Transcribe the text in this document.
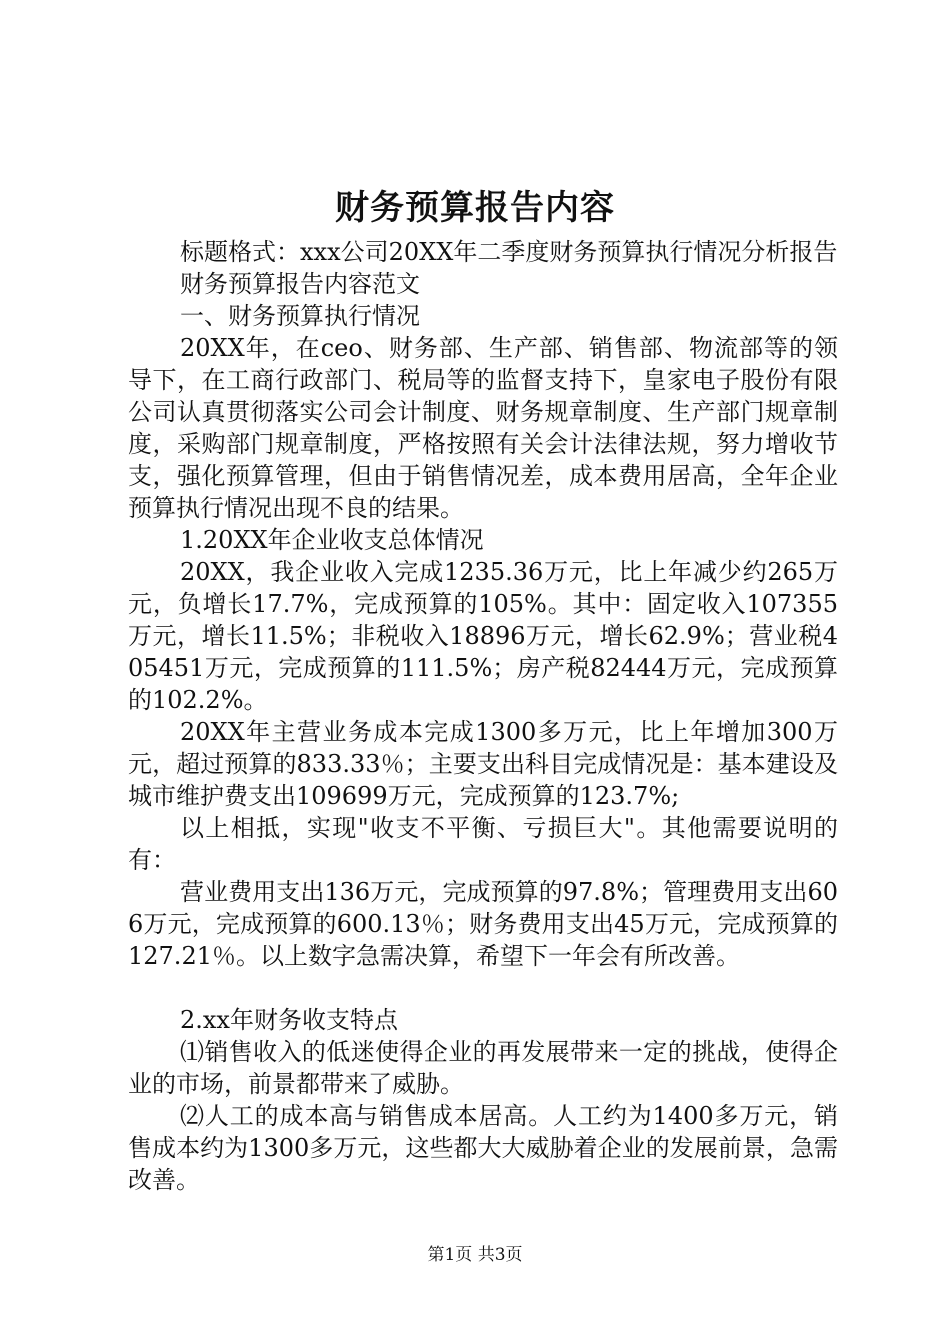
财务预算报告内容

标题格式：xxx公司20XX年二季度财务预算执行情况分析报告

财务预算报告内容范文

一、财务预算执行情况

20XX年，在ceo、财务部、生产部、销售部、物流部等的领导下，在工商行政部门、税局等的监督支持下，皇家电子股份有限公司认真贯彻落实公司会计制度、财务规章制度、生产部门规章制度，采购部门规章制度，严格按照有关会计法律法规，努力增收节支，强化预算管理，但由于销售情况差，成本费用居高，全年企业预算执行情况出现不良的结果。

1.20XX年企业收支总体情况

20XX，我企业收入完成1235.36万元，比上年减少约265万元，负增长17.7%，完成预算的105%。其中：固定收入107355万元，增长11.5%；非税收入18896万元，增长62.9%；营业税405451万元，完成预算的111.5%；房产税82444万元，完成预算的102.2%。

20XX年主营业务成本完成1300多万元，比上年增加300万元，超过预算的833.33％；主要支出科目完成情况是：基本建设及城市维护费支出109699万元，完成预算的123.7%;

以上相抵，实现"收支不平衡、亏损巨大"。其他需要说明的有：

营业费用支出136万元，完成预算的97.8%；管理费用支出606万元，完成预算的600.13％；财务费用支出45万元，完成预算的127.21％。以上数字急需决算，希望下一年会有所改善。

2.xx年财务收支特点

⑴销售收入的低迷使得企业的再发展带来一定的挑战，使得企业的市场，前景都带来了威胁。

⑵人工的成本高与销售成本居高。人工约为1400多万元，销售成本约为1300多万元，这些都大大威胁着企业的发展前景，急需改善。

第1页 共3页
